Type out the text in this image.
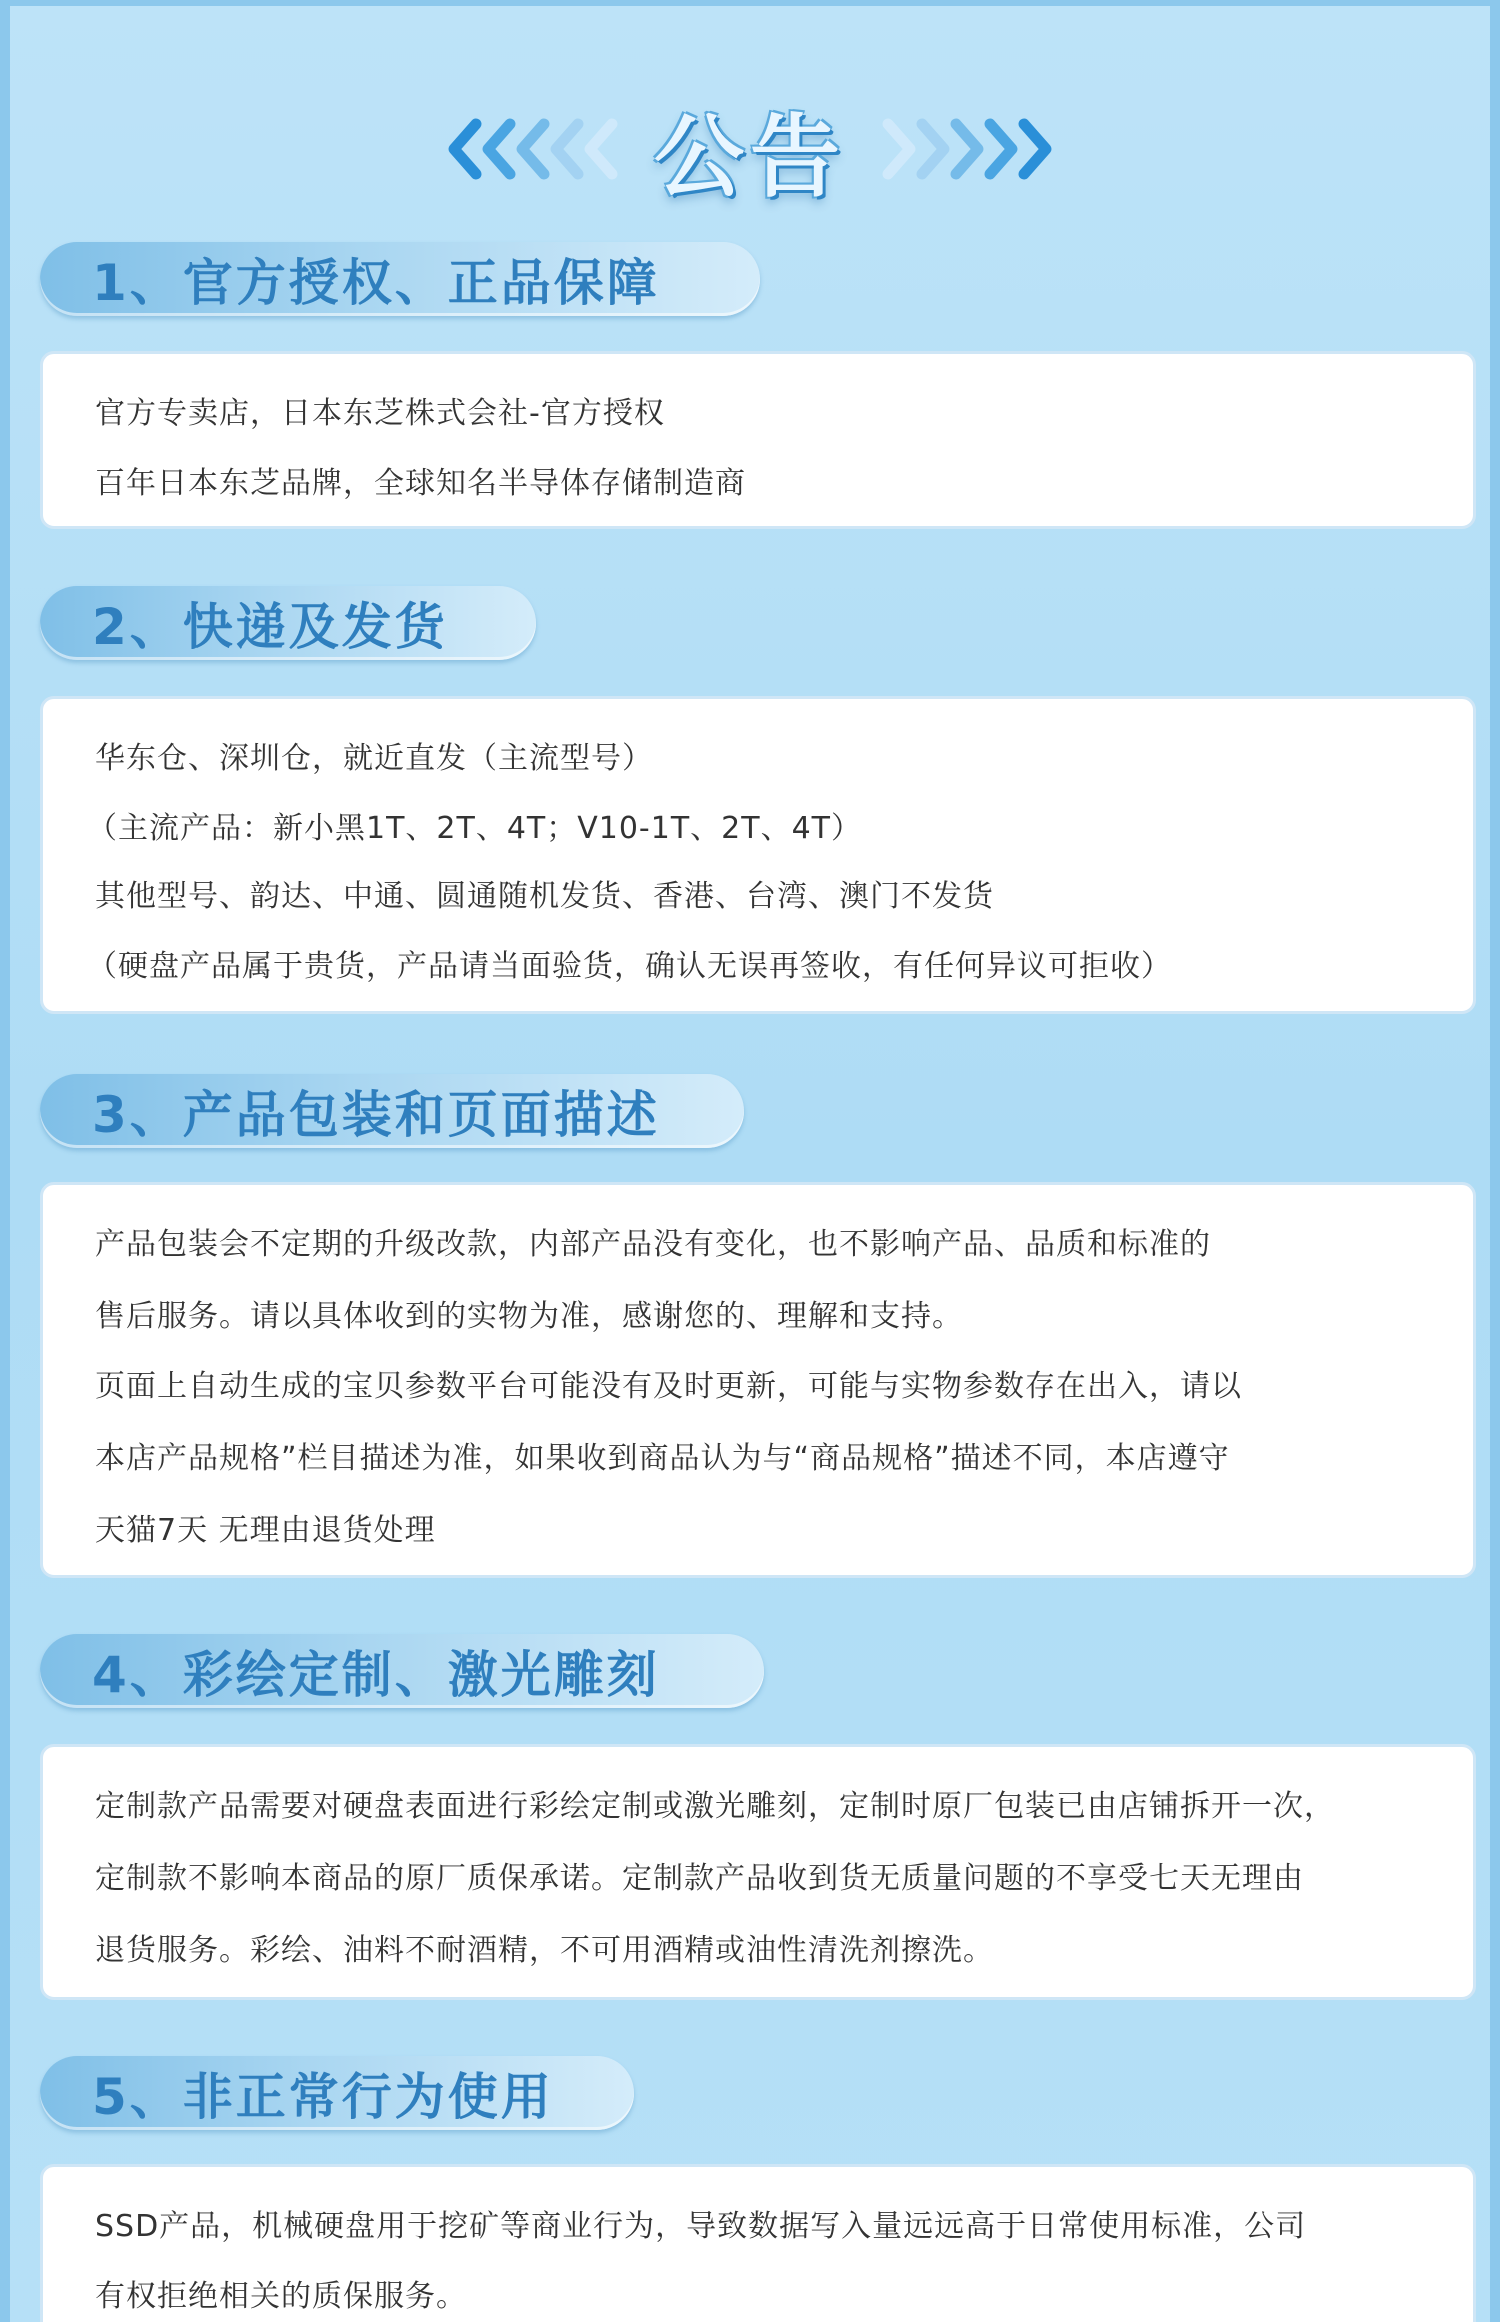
公告
1、官方授权、正品保障
官方专卖店，日本东芝株式会社-官方授权
百年日本东芝品牌，全球知名半导体存储制造商
2、快递及发货
华东仓、深圳仓，就近直发（主流型号）
（主流产品：新小黑1T、2T、4T；V10-1T、2T、4T）
其他型号、韵达、中通、圆通随机发货、香港、台湾、澳门不发货
（硬盘产品属于贵货，产品请当面验货，确认无误再签收，有任何异议可拒收）
3、产品包装和页面描述
产品包装会不定期的升级改款，内部产品没有变化，也不影响产品、品质和标准的
售后服务。请以具体收到的实物为准，感谢您的、理解和支持。
页面上自动生成的宝贝参数平台可能没有及时更新，可能与实物参数存在出入，请以
本店产品规格”栏目描述为准，如果收到商品认为与“商品规格”描述不同，本店遵守
天猫7天 无理由退货处理
4、彩绘定制、激光雕刻
定制款产品需要对硬盘表面进行彩绘定制或激光雕刻，定制时原厂包装已由店铺拆开一次，
定制款不影响本商品的原厂质保承诺。定制款产品收到货无质量问题的不享受七天无理由
退货服务。彩绘、油料不耐酒精，不可用酒精或油性清洗剂擦洗。
5、非正常行为使用
SSD产品，机械硬盘用于挖矿等商业行为，导致数据写入量远远高于日常使用标准，公司
有权拒绝相关的质保服务。
